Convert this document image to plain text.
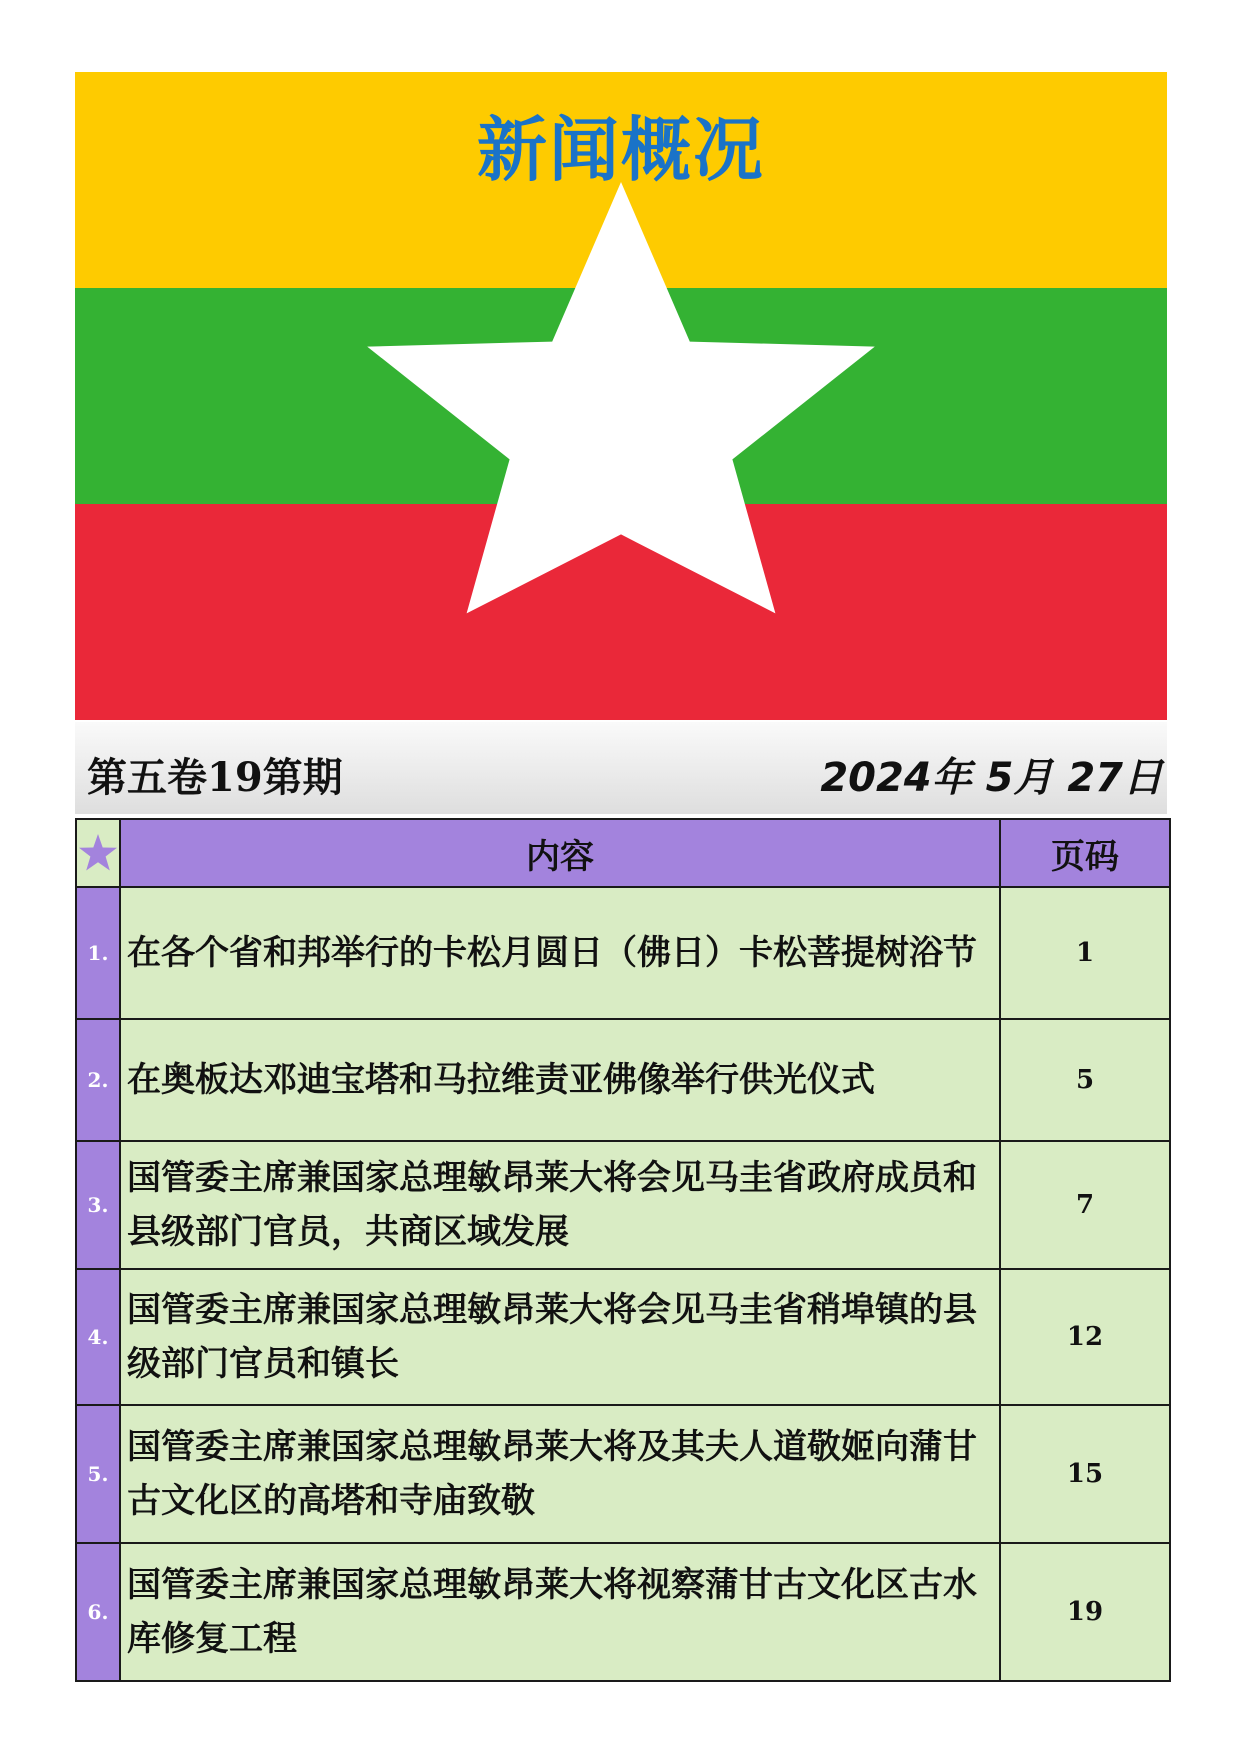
新闻概况
第五卷19第期	2024年 5月 27日
	内容	页码
1.	在各个省和邦举行的卡松月圆日（佛日）卡松菩提树浴节	1
2.	在奥板达邓迪宝塔和马拉维责亚佛像举行供光仪式	5
3.	国管委主席兼国家总理敏昂莱大将会见马圭省政府成员和县级部门官员，共商区域发展	7
4.	国管委主席兼国家总理敏昂莱大将会见马圭省稍埠镇的县级部门官员和镇长	12
5.	国管委主席兼国家总理敏昂莱大将及其夫人道敬姬向蒲甘古文化区的高塔和寺庙致敬	15
6.	国管委主席兼国家总理敏昂莱大将视察蒲甘古文化区古水库修复工程	19
